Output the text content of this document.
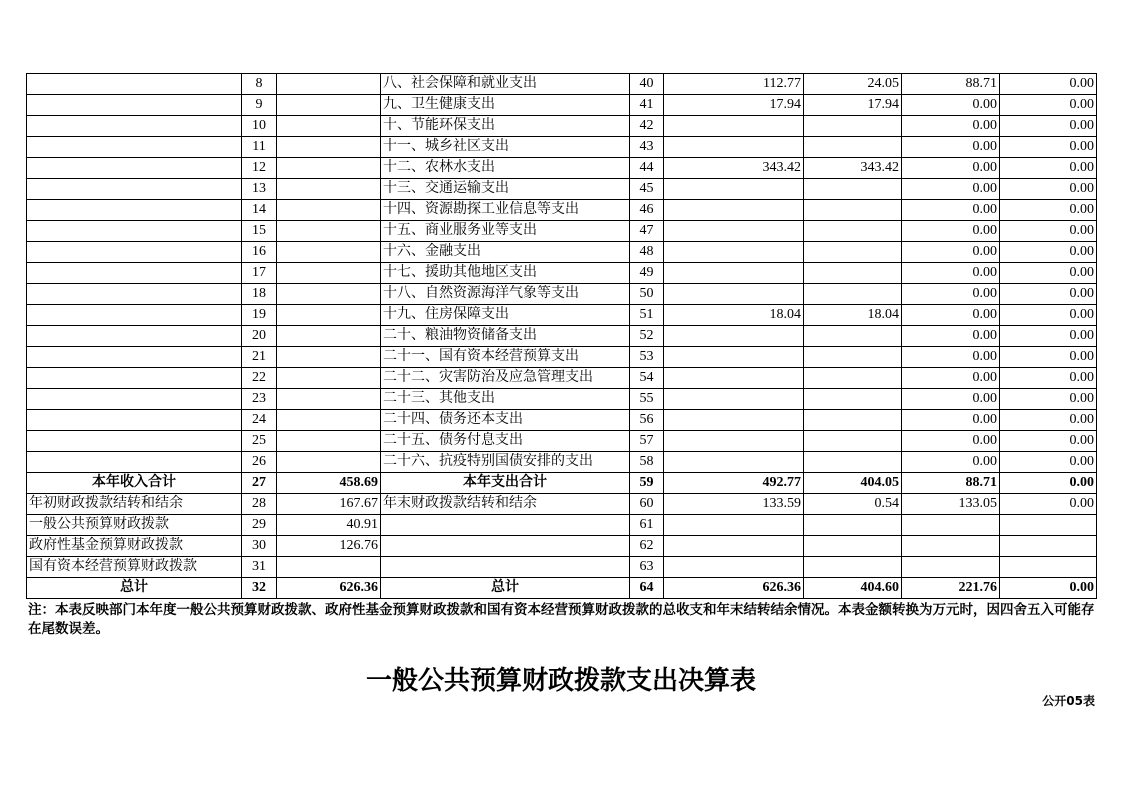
	8		八、社会保障和就业支出	40	112.77	24.05	88.71	0.00
	9		九、卫生健康支出	41	17.94	17.94	0.00	0.00
	10		十、节能环保支出	42			0.00	0.00
	11		十一、城乡社区支出	43			0.00	0.00
	12		十二、农林水支出	44	343.42	343.42	0.00	0.00
	13		十三、交通运输支出	45			0.00	0.00
	14		十四、资源勘探工业信息等支出	46			0.00	0.00
	15		十五、商业服务业等支出	47			0.00	0.00
	16		十六、金融支出	48			0.00	0.00
	17		十七、援助其他地区支出	49			0.00	0.00
	18		十八、自然资源海洋气象等支出	50			0.00	0.00
	19		十九、住房保障支出	51	18.04	18.04	0.00	0.00
	20		二十、粮油物资储备支出	52			0.00	0.00
	21		二十一、国有资本经营预算支出	53			0.00	0.00
	22		二十二、灾害防治及应急管理支出	54			0.00	0.00
	23		二十三、其他支出	55			0.00	0.00
	24		二十四、债务还本支出	56			0.00	0.00
	25		二十五、债务付息支出	57			0.00	0.00
	26		二十六、抗疫特别国债安排的支出	58			0.00	0.00
本年收入合计	27	458.69	本年支出合计	59	492.77	404.05	88.71	0.00
年初财政拨款结转和结余	28	167.67	年末财政拨款结转和结余	60	133.59	0.54	133.05	0.00
一般公共预算财政拨款	29	40.91		61				
政府性基金预算财政拨款	30	126.76		62				
国有资本经营预算财政拨款	31			63				
总计	32	626.36	总计	64	626.36	404.60	221.76	0.00
注：本表反映部门本年度一般公共预算财政拨款、政府性基金预算财政拨款和国有资本经营预算财政拨款的总收支和年末结转结余情况。本表金额转换为万元时，因四舍五入可能存在尾数误差。
一般公共预算财政拨款支出决算表
公开05表
